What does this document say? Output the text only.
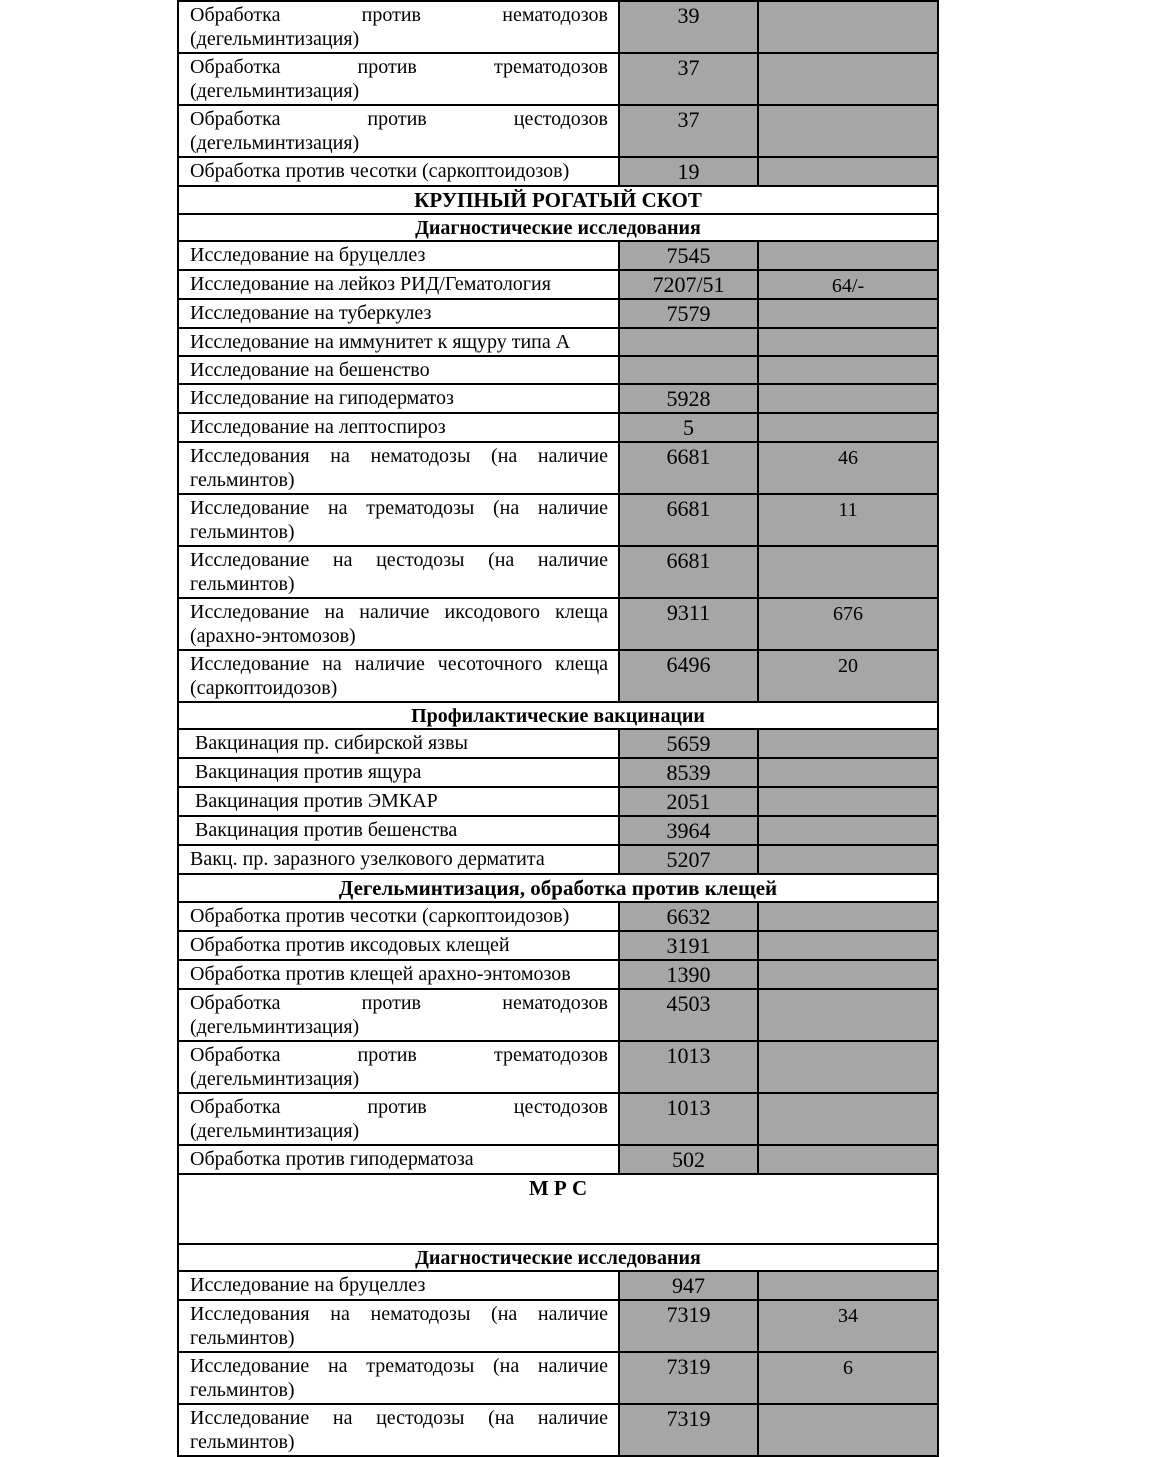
Обработка против нематодозов (дегельминтизация)	39	
Обработка против трематодозов (дегельминтизация)	37	
Обработка против цестодозов (дегельминтизация)	37	
Обработка против чесотки (саркоптоидозов)	19	
КРУПНЫЙ РОГАТЫЙ СКОТ		
Диагностические исследования		
Исследование на бруцеллез	7545	
Исследование на лейкоз РИД/Гематология	7207/51	64/-
Исследование на туберкулез	7579	
Исследование на иммунитет к ящуру типа А		
Исследование на бешенство		
Исследование на гиподерматоз	5928	
Исследование на лептоспироз	5	
Исследования на нематодозы (на наличие гельминтов)	6681	46
Исследование на трематодозы (на наличие гельминтов)	6681	11
Исследование на цестодозы (на наличие гельминтов)	6681	
Исследование на наличие иксодового клеща (арахно-энтомозов)	9311	676
Исследование на наличие чесоточного клеща (саркоптоидозов)	6496	20
Профилактические вакцинации		
Вакцинация пр. сибирской язвы	5659	
Вакцинация против ящура	8539	
Вакцинация против ЭМКАР	2051	
Вакцинация против бешенства	3964	
Вакц. пр. заразного узелкового дерматита	5207	
Дегельминтизация, обработка против клещей		
Обработка против чесотки (саркоптоидозов)	6632	
Обработка против иксодовых клещей	3191	
Обработка против клещей арахно-энтомозов	1390	
Обработка против нематодозов (дегельминтизация)	4503	
Обработка против трематодозов (дегельминтизация)	1013	
Обработка против цестодозов (дегельминтизация)	1013	
Обработка против гиподерматоза	502	
М Р С		
Диагностические исследования		
Исследование на бруцеллез	947	
Исследования на нематодозы (на наличие гельминтов)	7319	34
Исследование на трематодозы (на наличие гельминтов)	7319	6
Исследование на цестодозы (на наличие гельминтов)	7319	
